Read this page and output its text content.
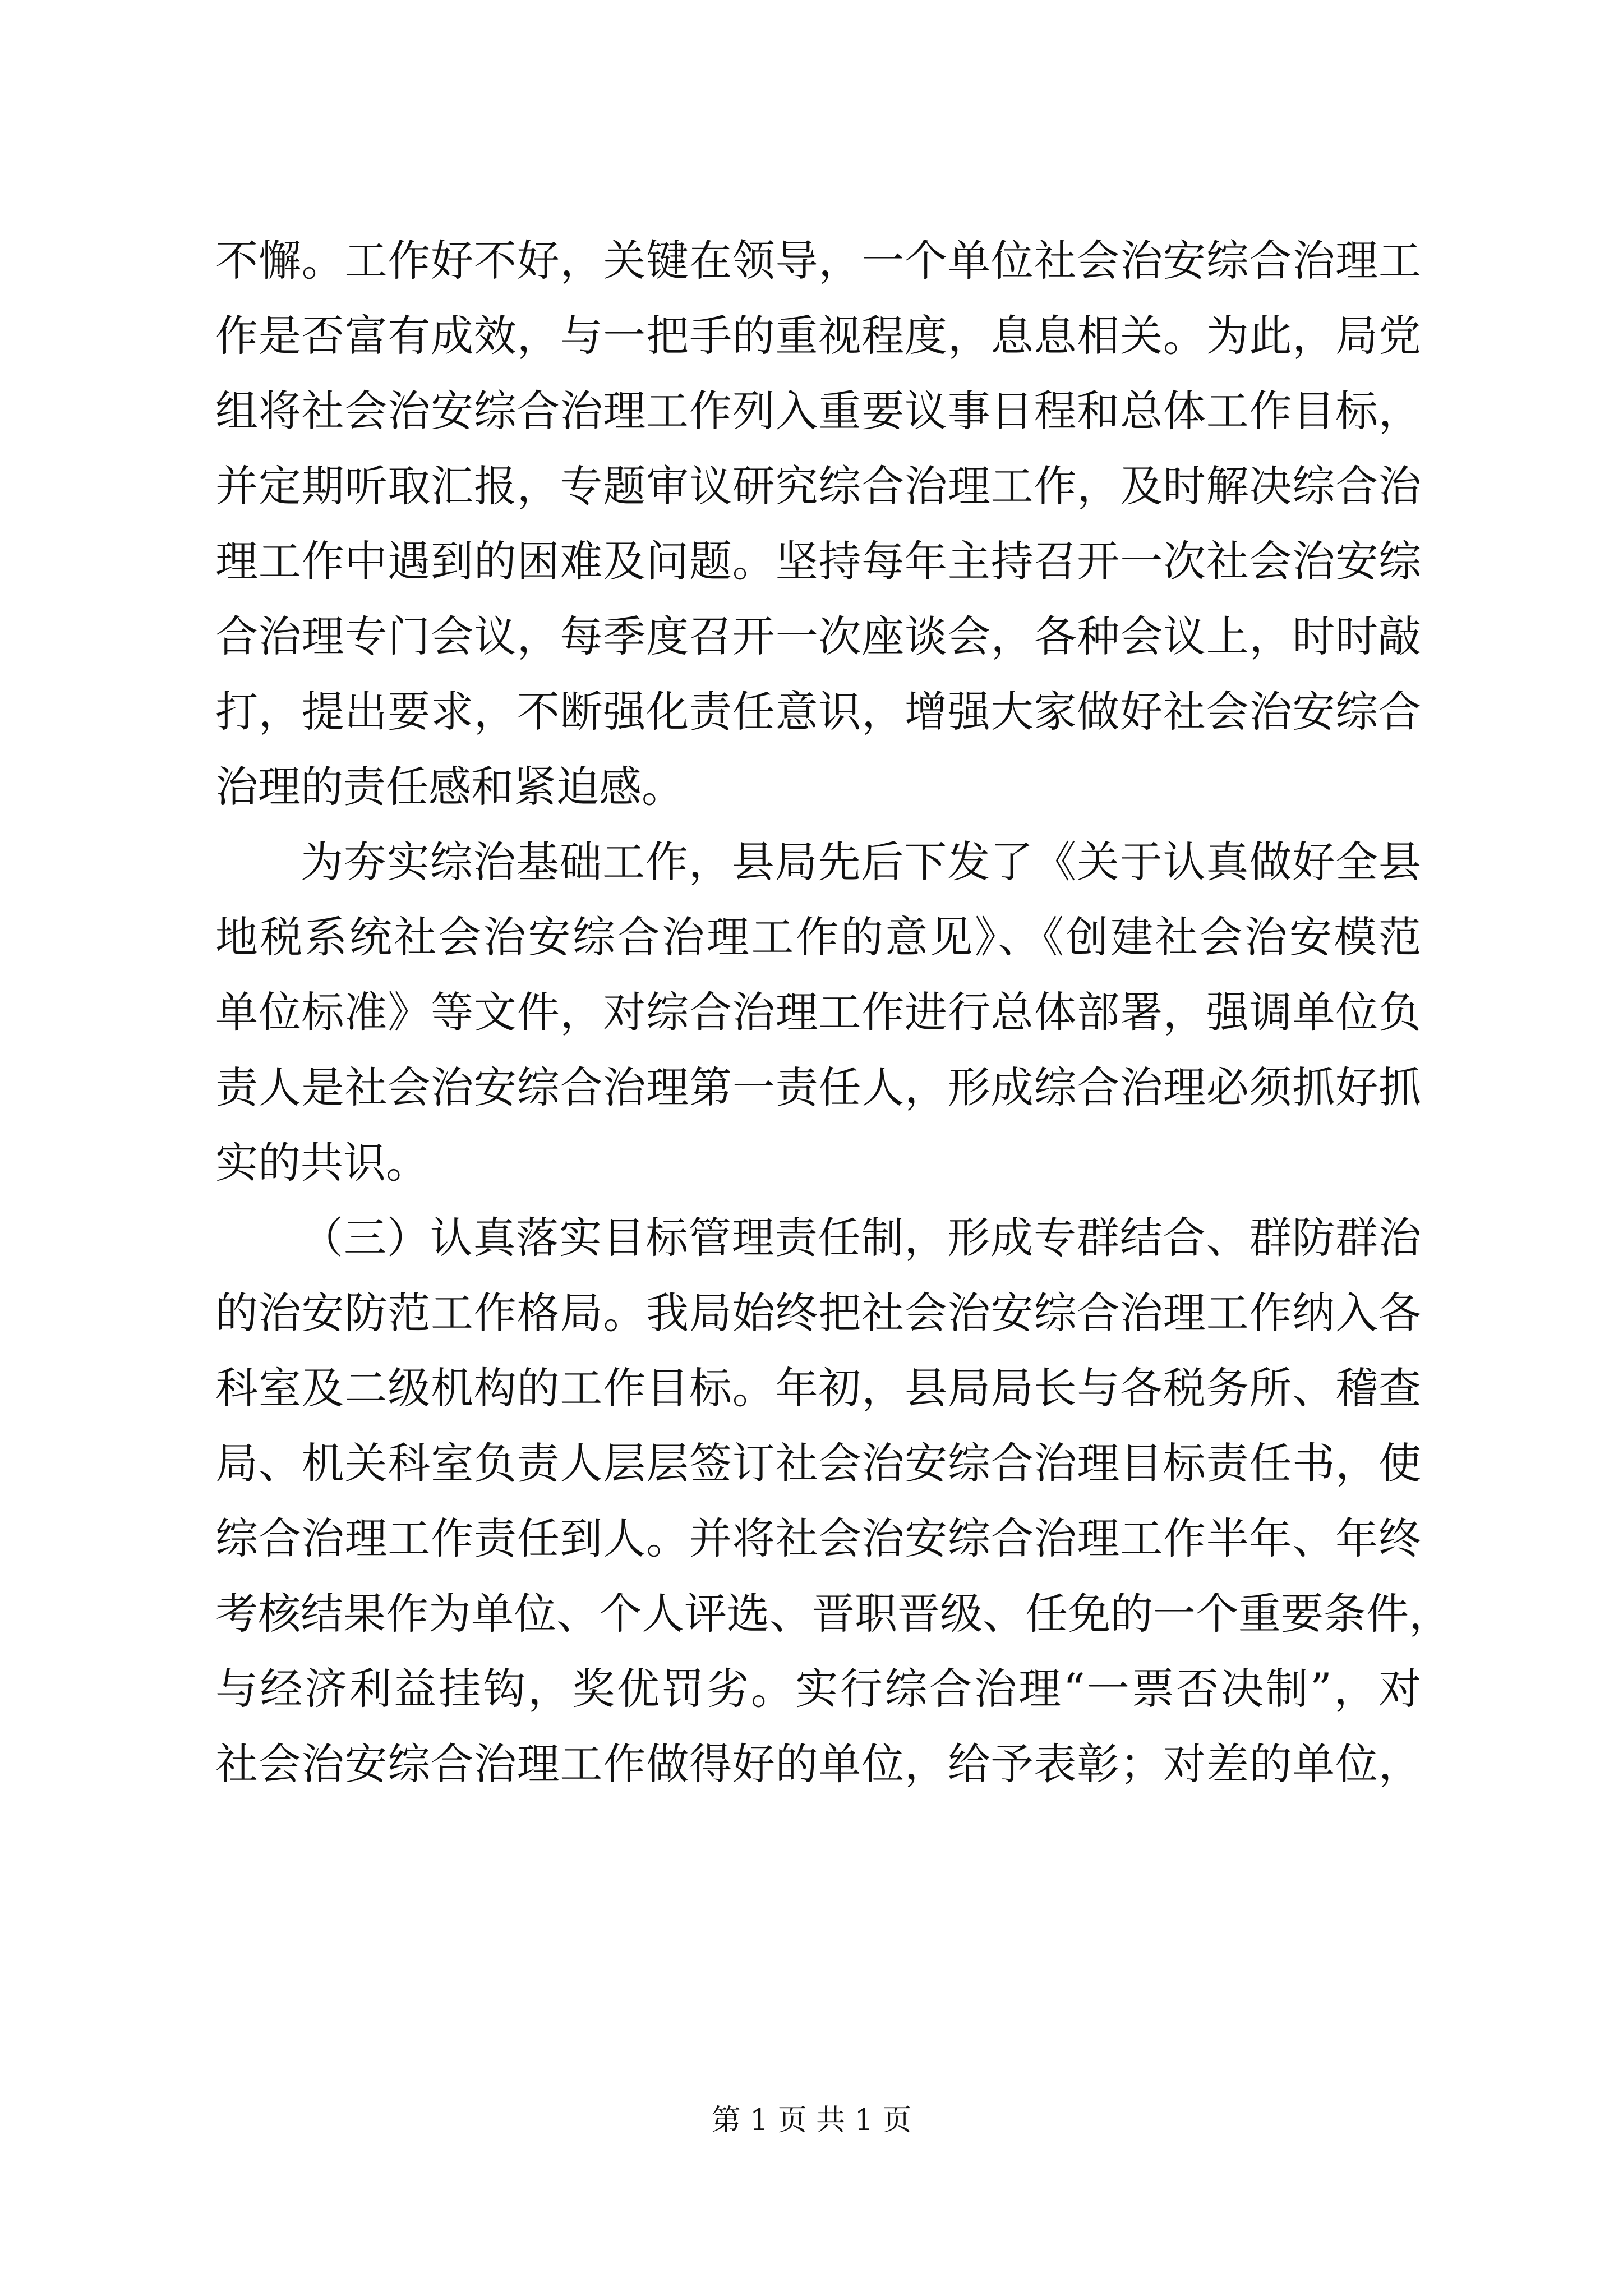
不懈。工作好不好，关键在领导，一个单位社会治安综合治理工
作是否富有成效，与一把手的重视程度，息息相关。为此，局党
组将社会治安综合治理工作列入重要议事日程和总体工作目标，
并定期听取汇报，专题审议研究综合治理工作，及时解决综合治
理工作中遇到的困难及问题。坚持每年主持召开一次社会治安综
合治理专门会议，每季度召开一次座谈会，各种会议上，时时敲
打，提出要求，不断强化责任意识，增强大家做好社会治安综合
治理的责任感和紧迫感。
为夯实综治基础工作，县局先后下发了《关于认真做好全县
地税系统社会治安综合治理工作的意见》、《创建社会治安模范
单位标准》等文件，对综合治理工作进行总体部署，强调单位负
责人是社会治安综合治理第一责任人，形成综合治理必须抓好抓
实的共识。
（三）认真落实目标管理责任制，形成专群结合、群防群治
的治安防范工作格局。我局始终把社会治安综合治理工作纳入各
科室及二级机构的工作目标。年初，县局局长与各税务所、稽查
局、机关科室负责人层层签订社会治安综合治理目标责任书，使
综合治理工作责任到人。并将社会治安综合治理工作半年、年终
考核结果作为单位、个人评选、晋职晋级、任免的一个重要条件，
与经济利益挂钩，奖优罚劣。实行综合治理“一票否决制”，对
社会治安综合治理工作做得好的单位，给予表彰；对差的单位，
第 1 页 共 1 页
